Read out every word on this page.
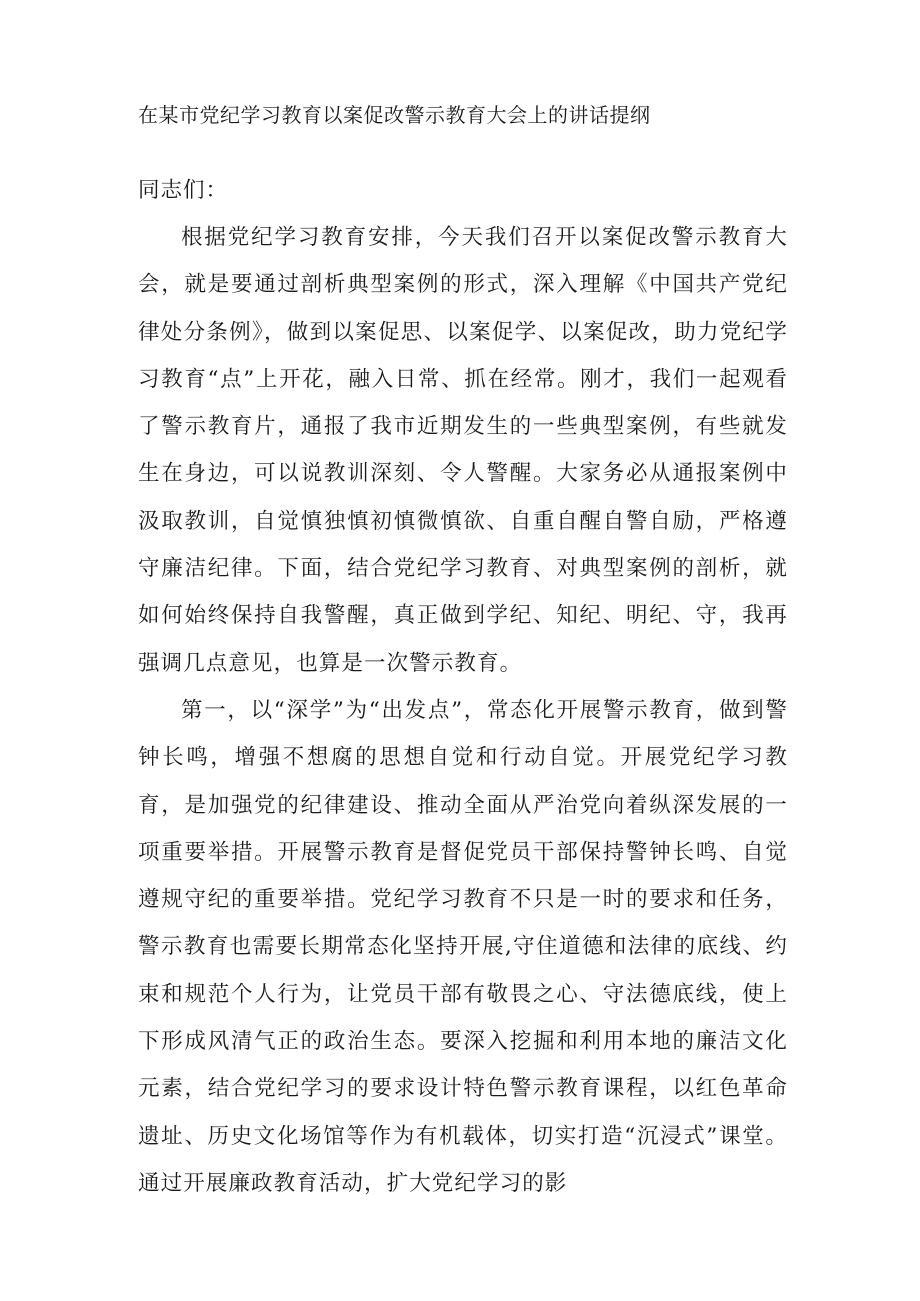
在某市党纪学习教育以案促改警示教育大会上的讲话提纲

同志们：

根据党纪学习教育安排，今天我们召开以案促改警示教育大会，就是要通过剖析典型案例的形式，深入理解《中国共产党纪律处分条例》，做到以案促思、以案促学、以案促改，助力党纪学习教育“点”上开花，融入日常、抓在经常。刚才，我们一起观看了警示教育片，通报了我市近期发生的一些典型案例，有些就发生在身边，可以说教训深刻、令人警醒。大家务必从通报案例中汲取教训，自觉慎独慎初慎微慎欲、自重自醒自警自励，严格遵守廉洁纪律。下面，结合党纪学习教育、对典型案例的剖析，就如何始终保持自我警醒，真正做到学纪、知纪、明纪、守，我再强调几点意见，也算是一次警示教育。

第一，以“深学”为“出发点”，常态化开展警示教育，做到警钟长鸣，增强不想腐的思想自觉和行动自觉。开展党纪学习教育，是加强党的纪律建设、推动全面从严治党向着纵深发展的一项重要举措。开展警示教育是督促党员干部保持警钟长鸣、自觉遵规守纪的重要举措。党纪学习教育不只是一时的要求和任务，警示教育也需要长期常态化坚持开展,守住道德和法律的底线、约束和规范个人行为，让党员干部有敬畏之心、守法德底线，使上下形成风清气正的政治生态。要深入挖掘和利用本地的廉洁文化元素，结合党纪学习的要求设计特色警示教育课程，以红色革命遗址、历史文化场馆等作为有机载体，切实打造“沉浸式”课堂。通过开展廉政教育活动，扩大党纪学习的影
